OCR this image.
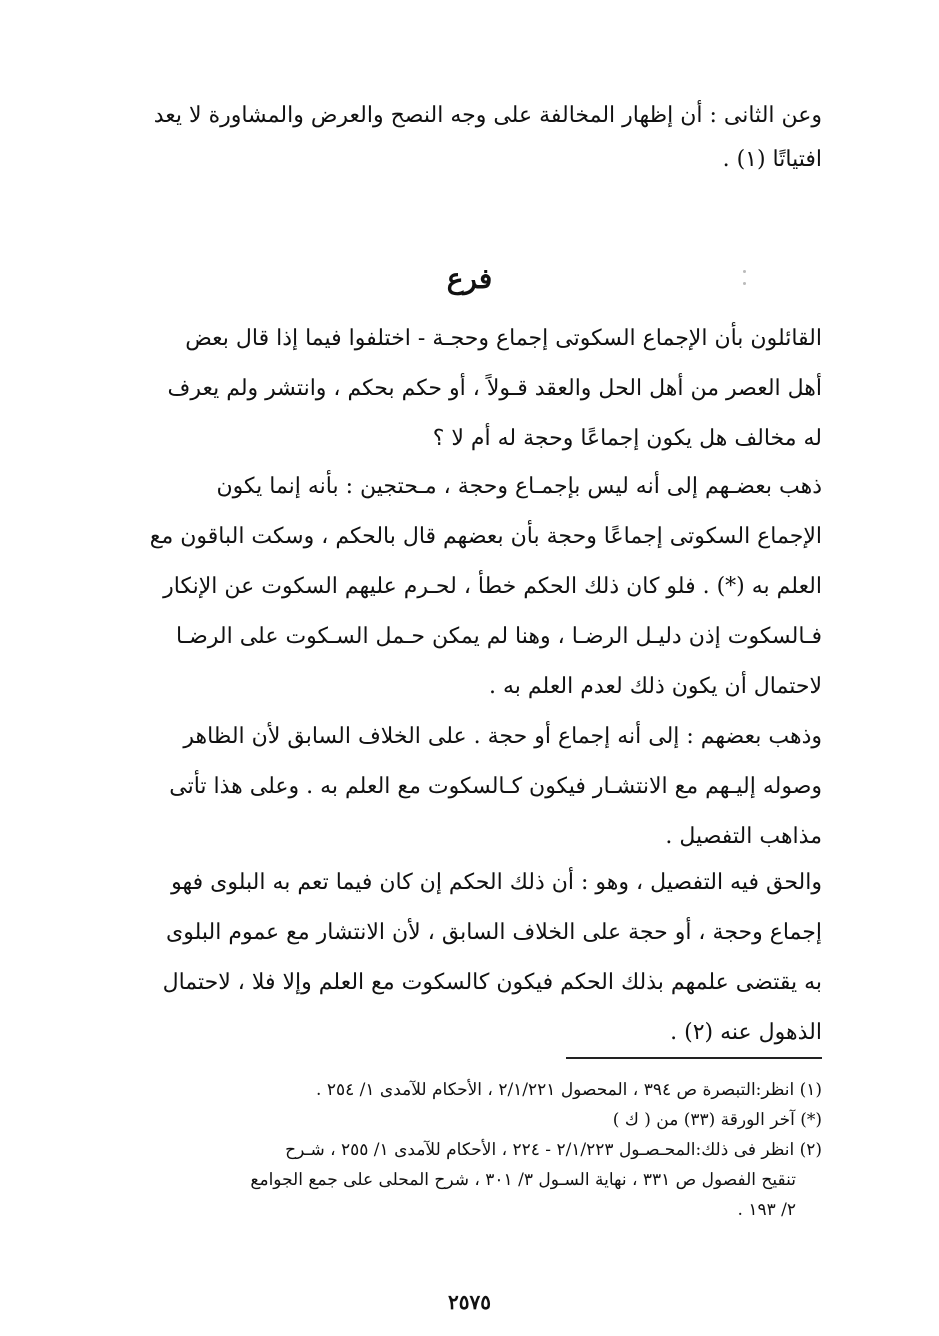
وعن الثانى : أن إظهار المخالفة على وجه النصح والعرض والمشاورة لا يعد
افتياتًا (١) .
فرع
القائلون بأن الإجماع السكوتى إجماع وحجـة - اختلفوا فيما إذا قال بعض
أهل العصر من أهل الحل والعقد قـولاً ، أو حكم بحكم ، وانتشر ولم يعرف
له مخالف هل يكون إجماعًا وحجة له أم لا ؟
ذهب بعضـهم إلى أنه ليس بإجمـاع وحجة ، مـحتجين : بأنه إنما يكون
الإجماع السكوتى إجماعًا وحجة بأن بعضهم قال بالحكم ، وسكت الباقون مع
العلم به (*) . فلو كان ذلك الحكم خطأ ، لحـرم عليهم السكوت عن الإنكار
فـالسكوت إذن دليـل الرضـا ، وهنا لم يمكن حـمل السـكوت على الرضـا
لاحتمال أن يكون ذلك لعدم العلم به .
وذهب بعضهم : إلى أنه إجماع أو حجة . على الخلاف السابق لأن الظاهر
وصوله إليـهم مع الانتشـار فيكون كـالسكوت مع العلم به . وعلى هذا تأتى
مذاهب التفصيل .
والحق فيه التفصيل ، وهو : أن ذلك الحكم إن كان فيما تعم به البلوى فهو
إجماع وحجة ، أو حجة على الخلاف السابق ، لأن الانتشار مع عموم البلوى
به يقتضى علمهم بذلك الحكم فيكون كالسكوت مع العلم وإلا فلا ، لاحتمال
الذهول عنه (٢) .
(١) انظر:التبصرة ص ٣٩٤ ، المحصول ٢/١/٢٢١ ، الأحكام للآمدى ١/ ٢٥٤ .
(*) آخر الورقة (٣٣) من ( ك )
(٢) انظر فى ذلك:المحـصـول ٢/١/٢٢٣ - ٢٢٤ ، الأحكام للآمدى ١/ ٢٥٥ ، شـرح
تنقيح الفصول ص ٣٣١ ، نهاية السـول ٣/ ٣٠١ ، شرح المحلى على جمع الجوامع
٢/ ١٩٣ .
٢٥٧٥
